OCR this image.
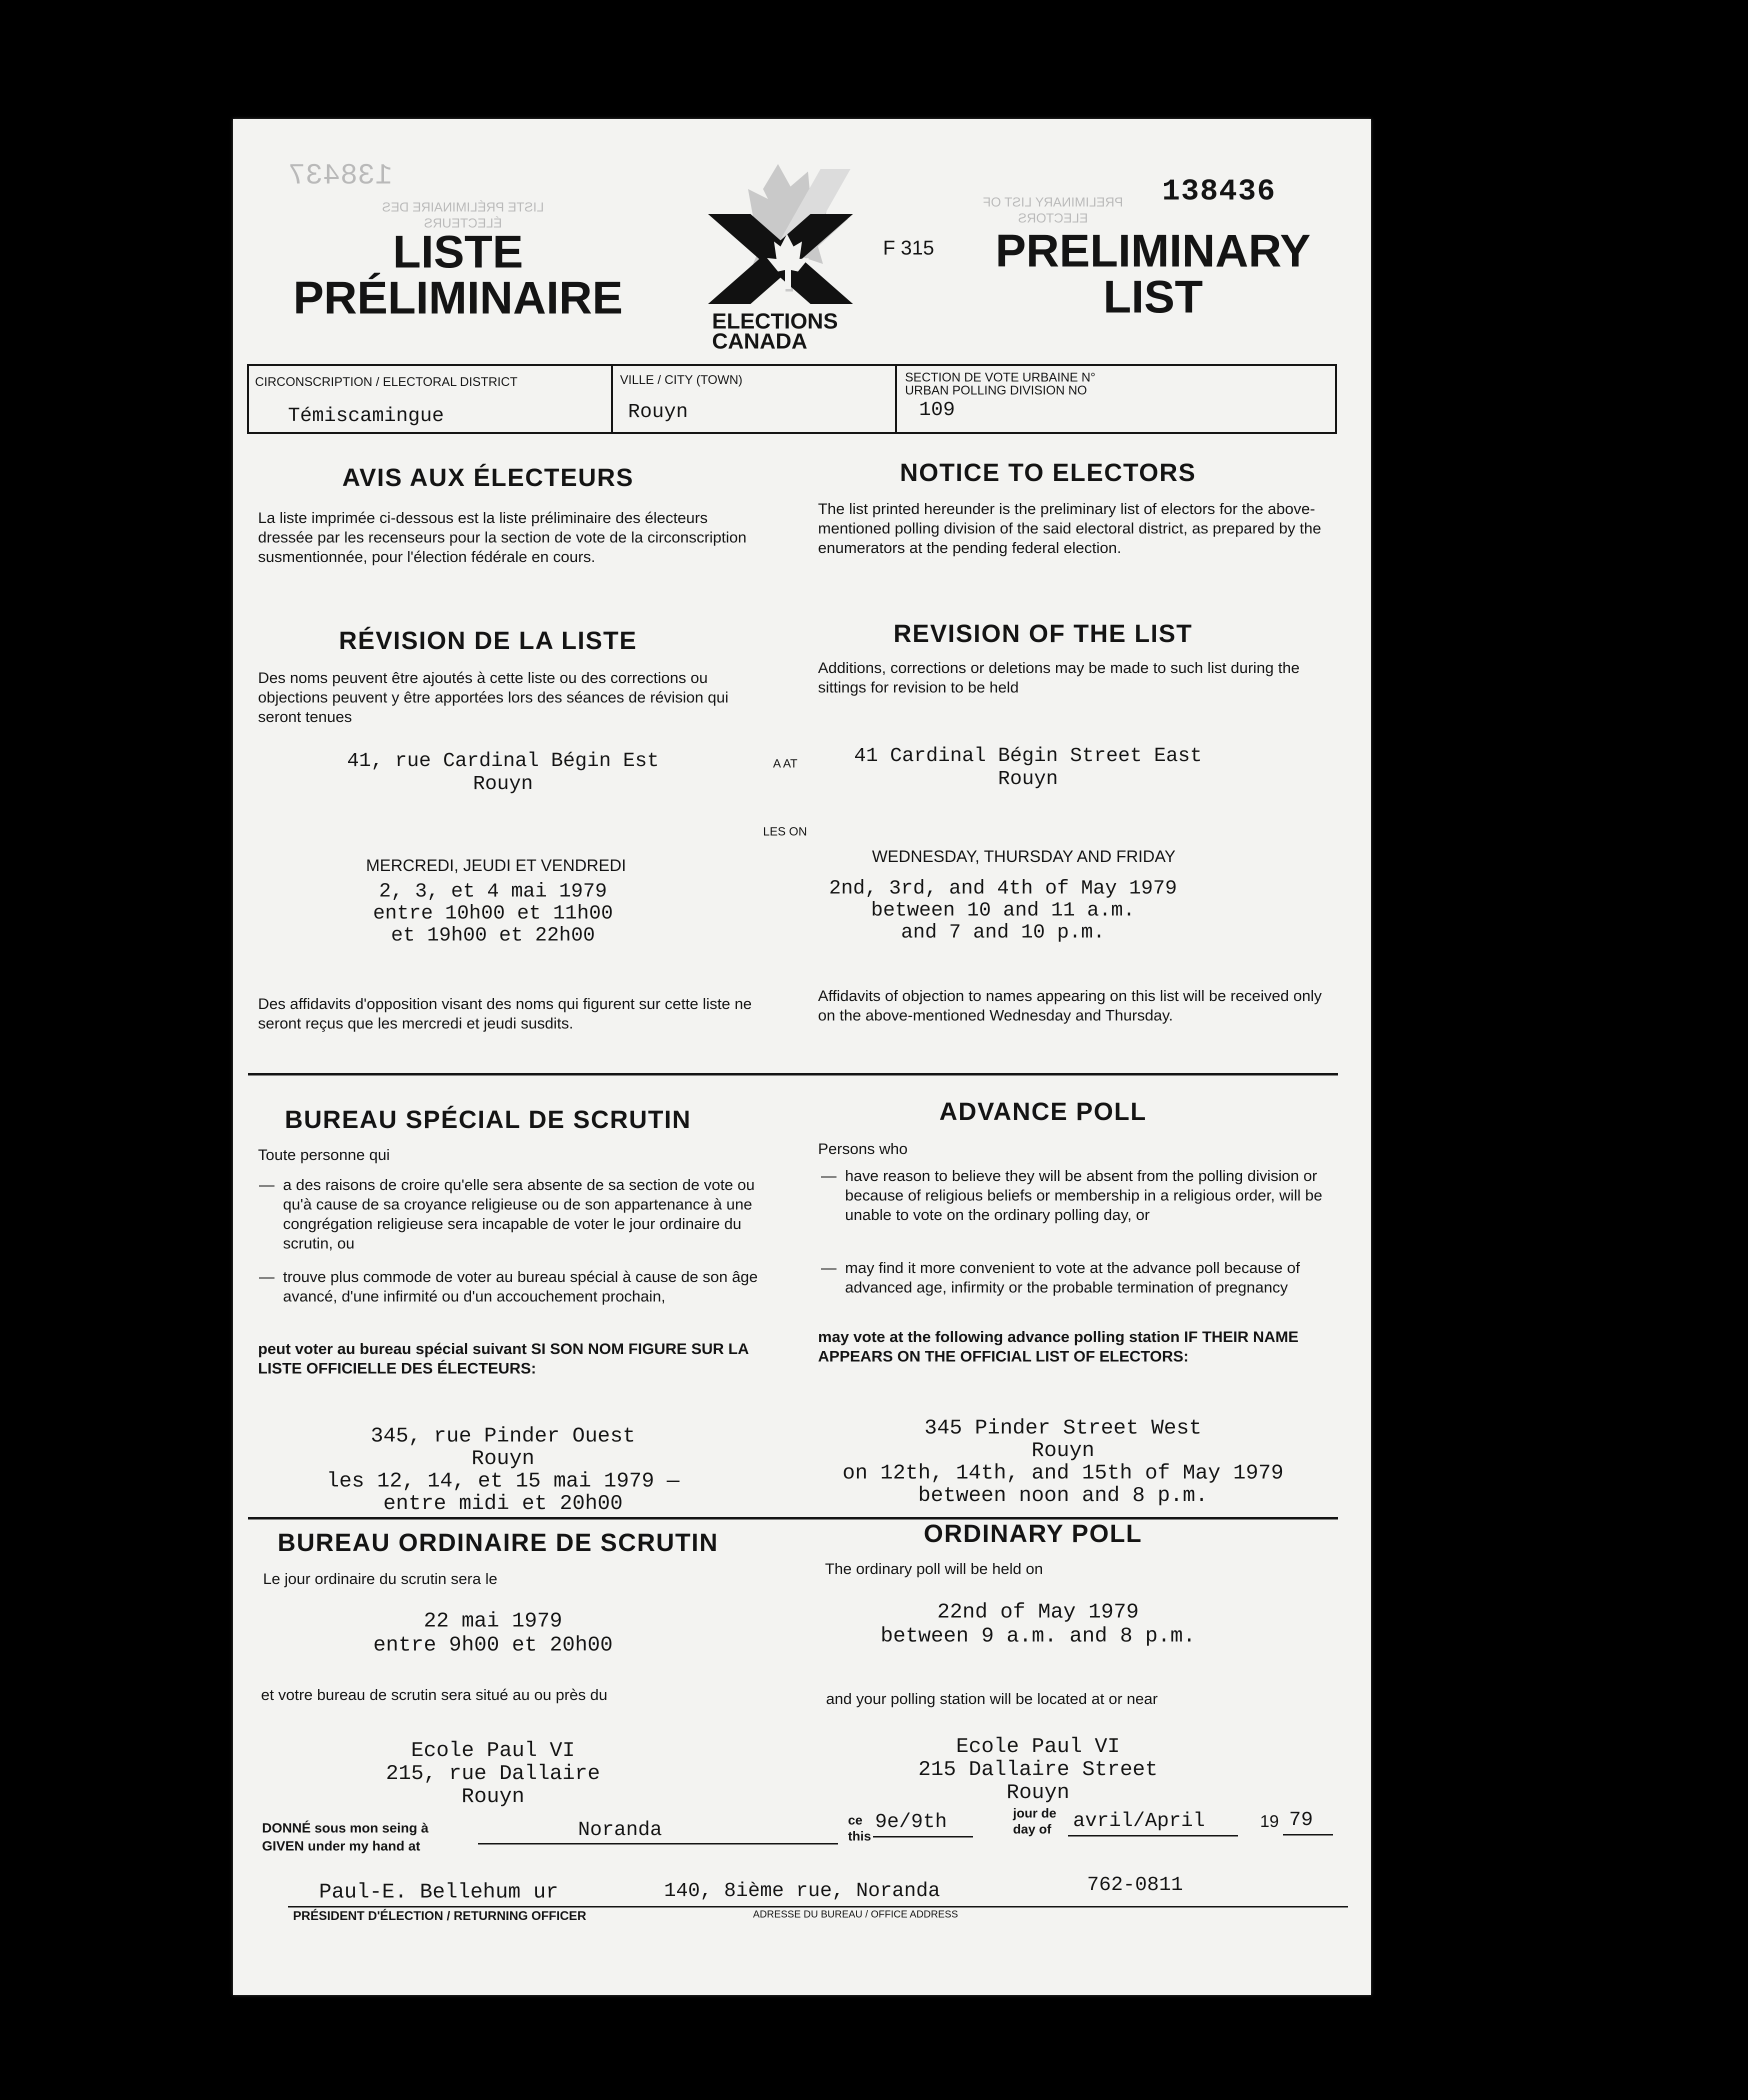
138437
LISTE PRÉLIMINAIRE DES ÉLECTEURS
PRELIMINARY LIST OF ELECTORS
138436
LISTE
PRÉLIMINAIRE
F 315	PRELIMINARY
LIST
ELECTIONS
CANADA
CIRCONSCRIPTION / ELECTORAL DISTRICT
Témiscamingue
VILLE / CITY (TOWN)
Rouyn
SECTION DE VOTE URBAINE N°
URBAN POLLING DIVISION NO
109
AVIS AUX ÉLECTEURS
La liste imprimée ci-dessous est la liste préliminaire des électeurs dressée par les recenseurs pour la section de vote de la circonscription susmentionnée, pour l'élection fédérale en cours.
NOTICE TO ELECTORS
The list printed hereunder is the preliminary list of electors for the above-mentioned polling division of the said electoral district, as prepared by the enumerators at the pending federal election.
RÉVISION DE LA LISTE
Des noms peuvent être ajoutés à cette liste ou des corrections ou objections peuvent y être apportées lors des séances de révision qui seront tenues
REVISION OF THE LIST
Additions, corrections or deletions may be made to such list during the sittings for revision to be held
41, rue Cardinal Bégin Est
Rouyn
A AT	41 Cardinal Bégin Street East
Rouyn
LES ON
MERCREDI, JEUDI ET VENDREDI	WEDNESDAY, THURSDAY AND FRIDAY
2, 3, et 4 mai 1979
entre 10h00 et 11h00
et 19h00 et 22h00
2nd, 3rd, and 4th of May 1979
between 10 and 11 a.m.
and 7 and 10 p.m.
Des affidavits d'opposition visant des noms qui figurent sur cette liste ne seront reçus que les mercredi et jeudi susdits.
Affidavits of objection to names appearing on this list will be received only on the above-mentioned Wednesday and Thursday.
BUREAU SPÉCIAL DE SCRUTIN	ADVANCE POLL
Toute personne qui
— a des raisons de croire qu'elle sera absente de sa section de vote ou qu'à cause de sa croyance religieuse ou de son appartenance à une congrégation religieuse sera incapable de voter le jour ordinaire du scrutin, ou
— trouve plus commode de voter au bureau spécial à cause de son âge avancé, d'une infirmité ou d'un accouchement prochain,
peut voter au bureau spécial suivant SI SON NOM FIGURE SUR LA LISTE OFFICIELLE DES ÉLECTEURS:
Persons who
— have reason to believe they will be absent from the polling division or because of religious beliefs or membership in a religious order, will be unable to vote on the ordinary polling day, or
— may find it more convenient to vote at the advance poll because of advanced age, infirmity or the probable termination of pregnancy
may vote at the following advance polling station IF THEIR NAME APPEARS ON THE OFFICIAL LIST OF ELECTORS:
345, rue Pinder Ouest
Rouyn
les 12, 14, et 15 mai 1979 —
entre midi et 20h00
345 Pinder Street West
Rouyn
on 12th, 14th, and 15th of May 1979
between noon and 8 p.m.
BUREAU ORDINAIRE DE SCRUTIN	ORDINARY POLL
Le jour ordinaire du scrutin sera le
The ordinary poll will be held on
22 mai 1979
entre 9h00 et 20h00
22nd of May 1979
between 9 a.m. and 8 p.m.
et votre bureau de scrutin sera situé au ou près du	and your polling station will be located at or near
Ecole Paul VI
215, rue Dallaire
Rouyn
Ecole Paul VI
215 Dallaire Street
Rouyn
DONNÉ sous mon seing à
GIVEN under my hand at
Noranda	ce
this
9e/9th	jour de
day of avril/April	19 79
Paul-E. Bellehum ur	140, 8ième rue, Noranda	762-0811
PRÉSIDENT D'ÉLECTION / RETURNING OFFICER	ADRESSE DU BUREAU / OFFICE ADDRESS
